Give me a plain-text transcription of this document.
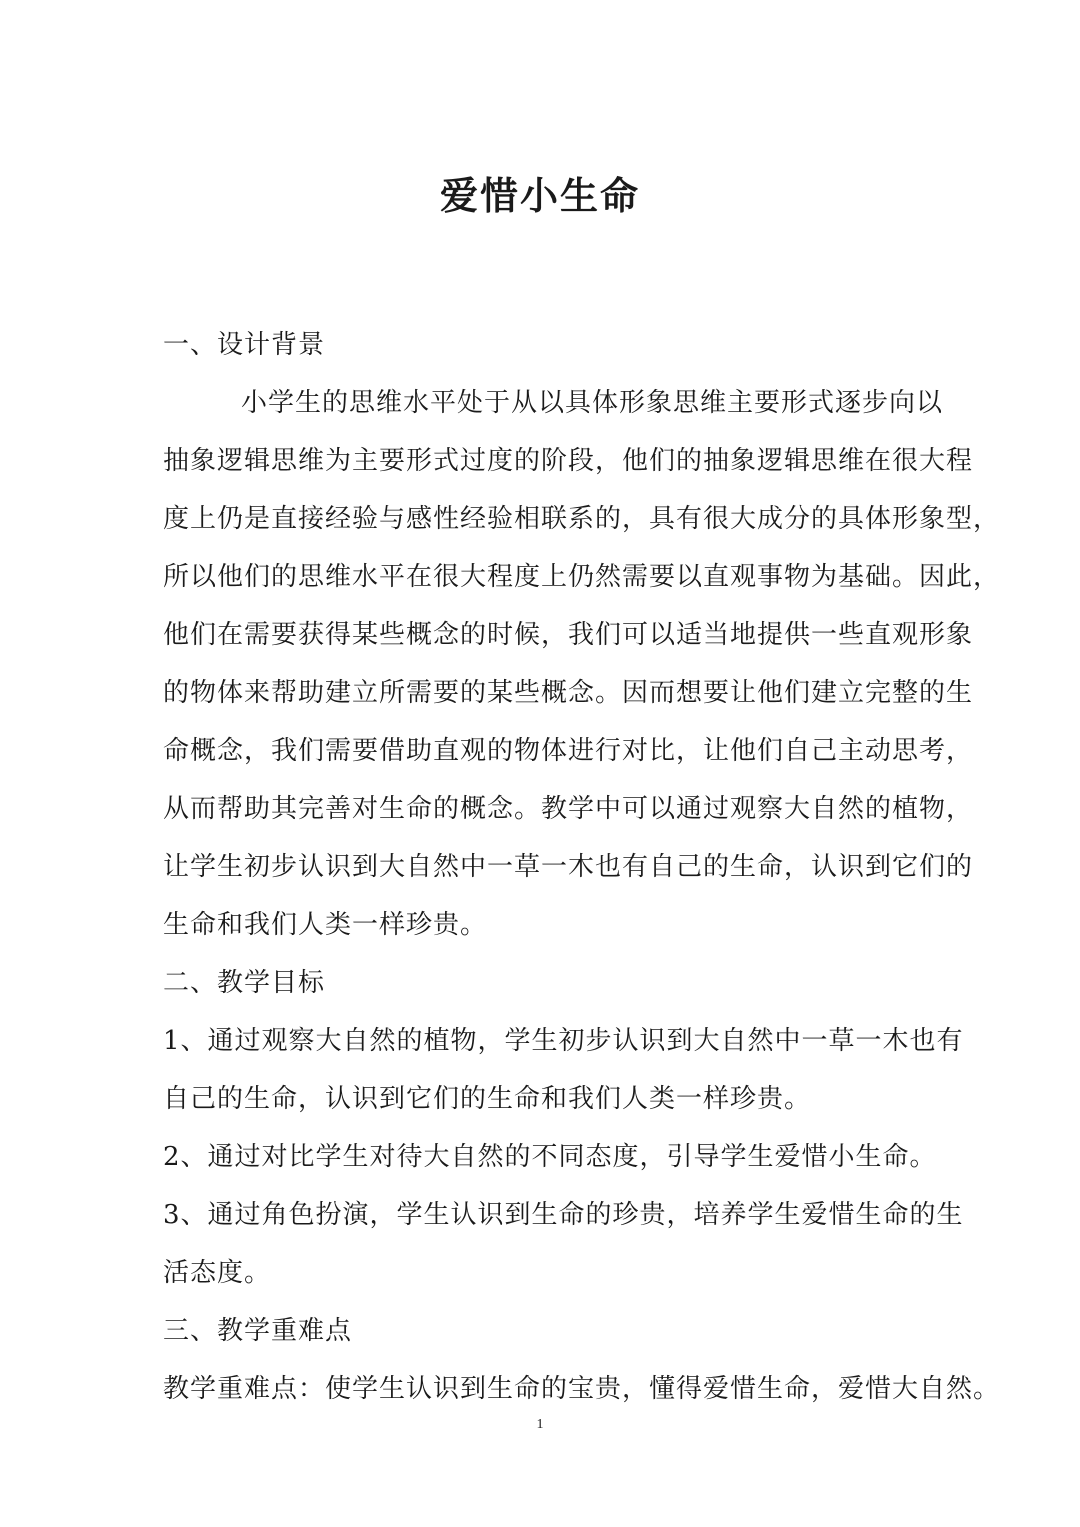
爱惜小生命
一、设计背景
小学生的思维水平处于从以具体形象思维主要形式逐步向以
抽象逻辑思维为主要形式过度的阶段，他们的抽象逻辑思维在很大程
度上仍是直接经验与感性经验相联系的，具有很大成分的具体形象型，
所以他们的思维水平在很大程度上仍然需要以直观事物为基础。因此，
他们在需要获得某些概念的时候，我们可以适当地提供一些直观形象
的物体来帮助建立所需要的某些概念。因而想要让他们建立完整的生
命概念，我们需要借助直观的物体进行对比，让他们自己主动思考，
从而帮助其完善对生命的概念。教学中可以通过观察大自然的植物，
让学生初步认识到大自然中一草一木也有自己的生命，认识到它们的
生命和我们人类一样珍贵。
二、教学目标
1、通过观察大自然的植物，学生初步认识到大自然中一草一木也有
自己的生命，认识到它们的生命和我们人类一样珍贵。
2、通过对比学生对待大自然的不同态度，引导学生爱惜小生命。
3、通过角色扮演，学生认识到生命的珍贵，培养学生爱惜生命的生
活态度。
三、教学重难点
教学重难点：使学生认识到生命的宝贵，懂得爱惜生命，爱惜大自然。
1
